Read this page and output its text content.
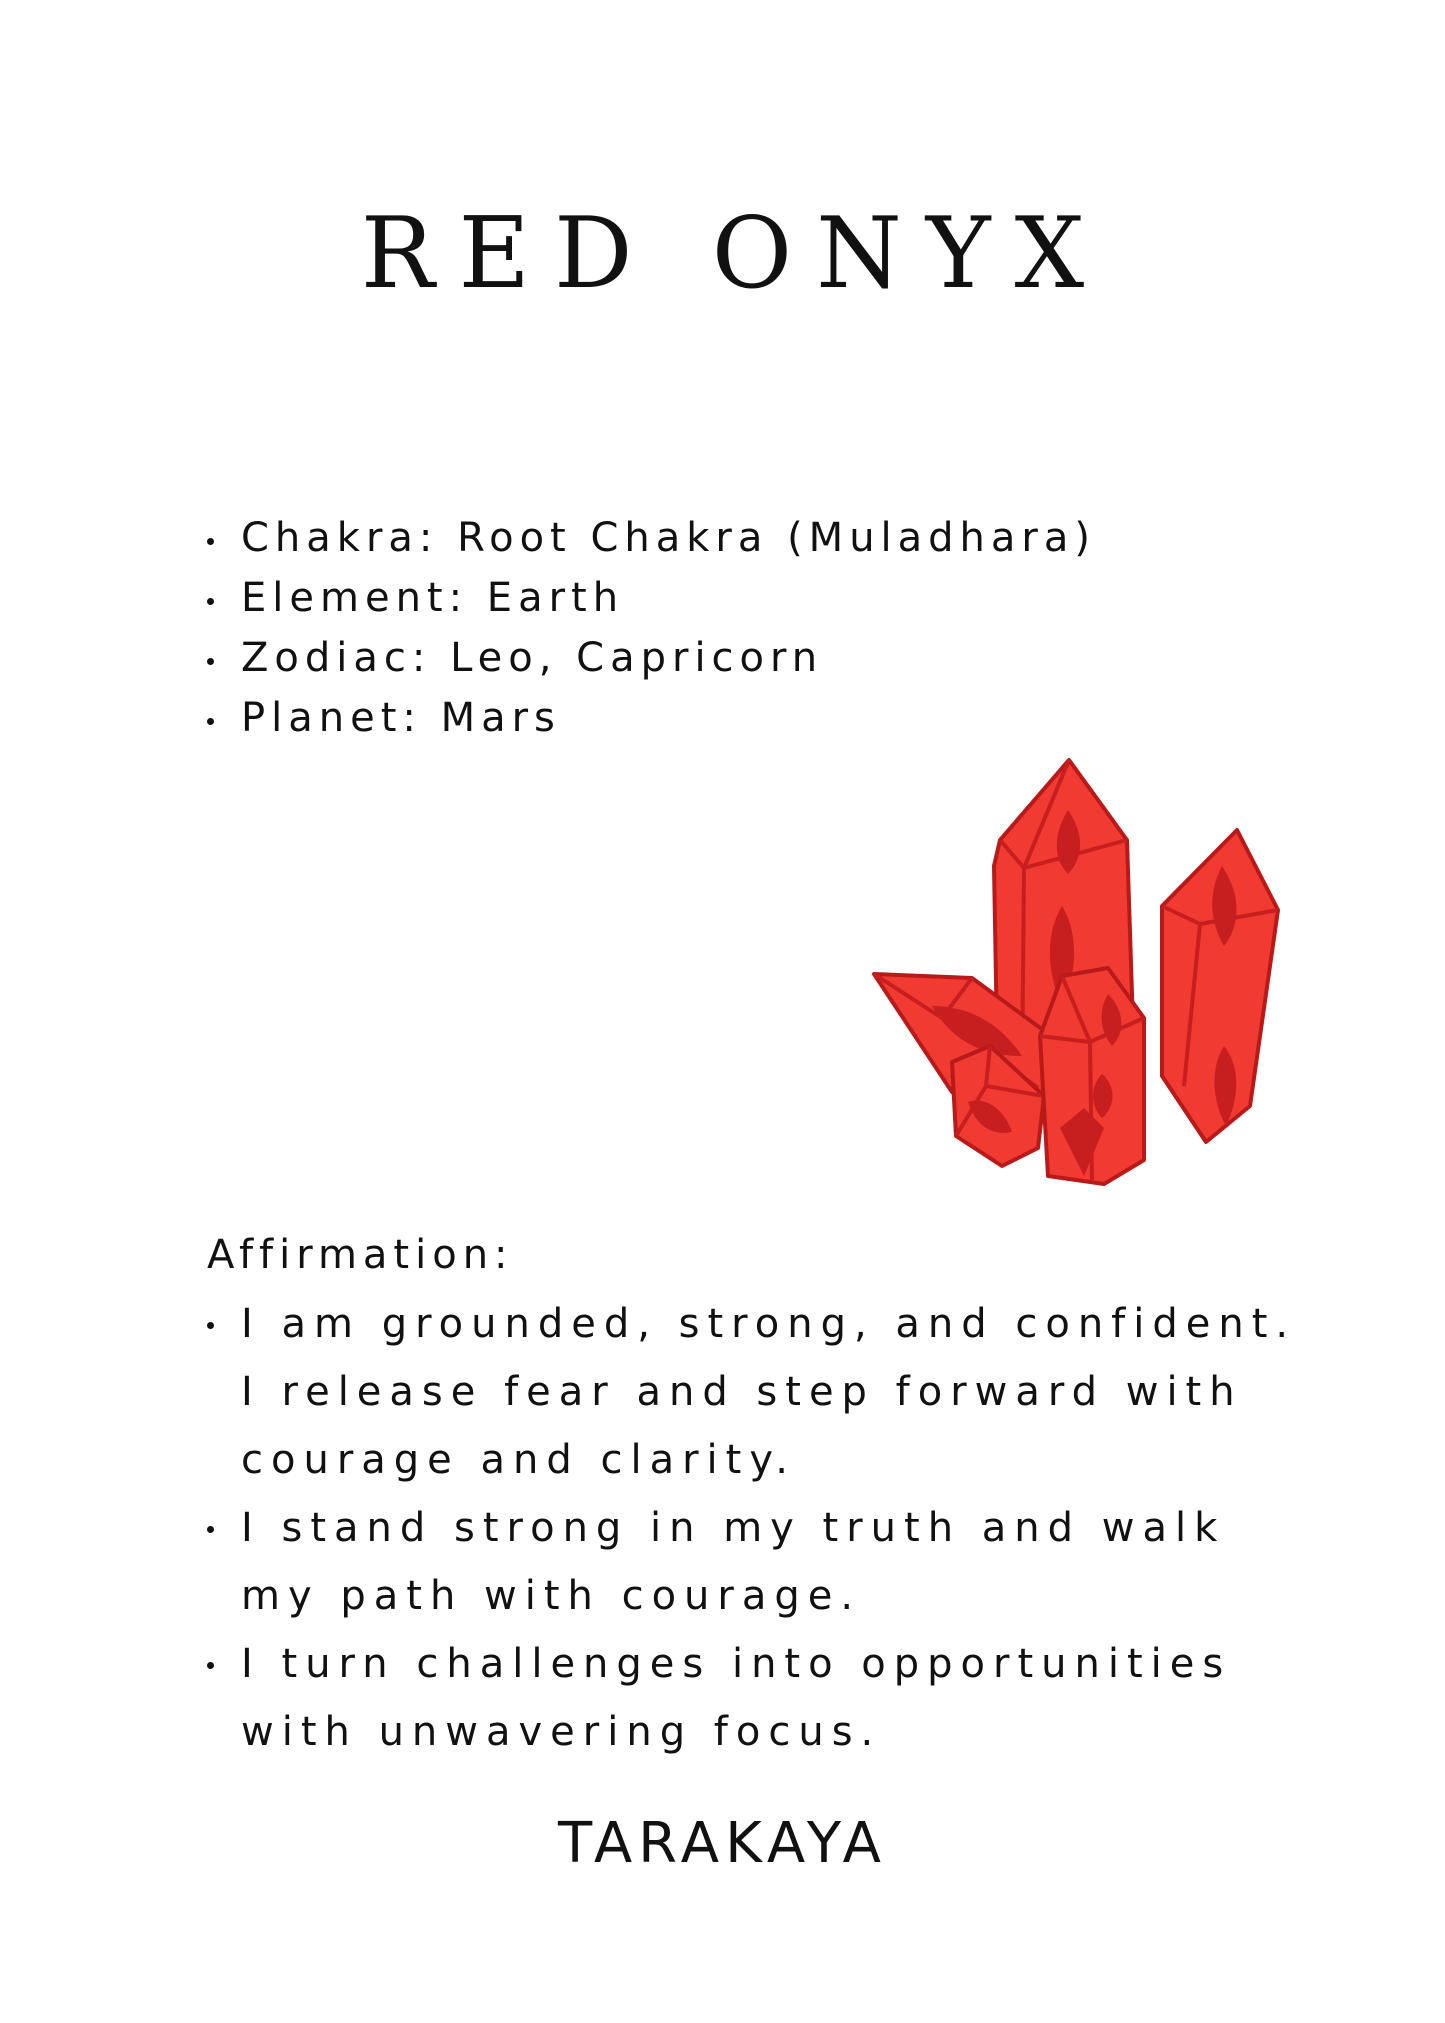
RED ONYX
Chakra: Root Chakra (Muladhara)
Element: Earth
Zodiac: Leo, Capricorn
Planet: Mars
Affirmation:
I am grounded, strong, and confident. I release fear and step forward with courage and clarity.
I stand strong in my truth and walk my path with courage.
I turn challenges into opportunities with unwavering focus.
TARAKAYA
